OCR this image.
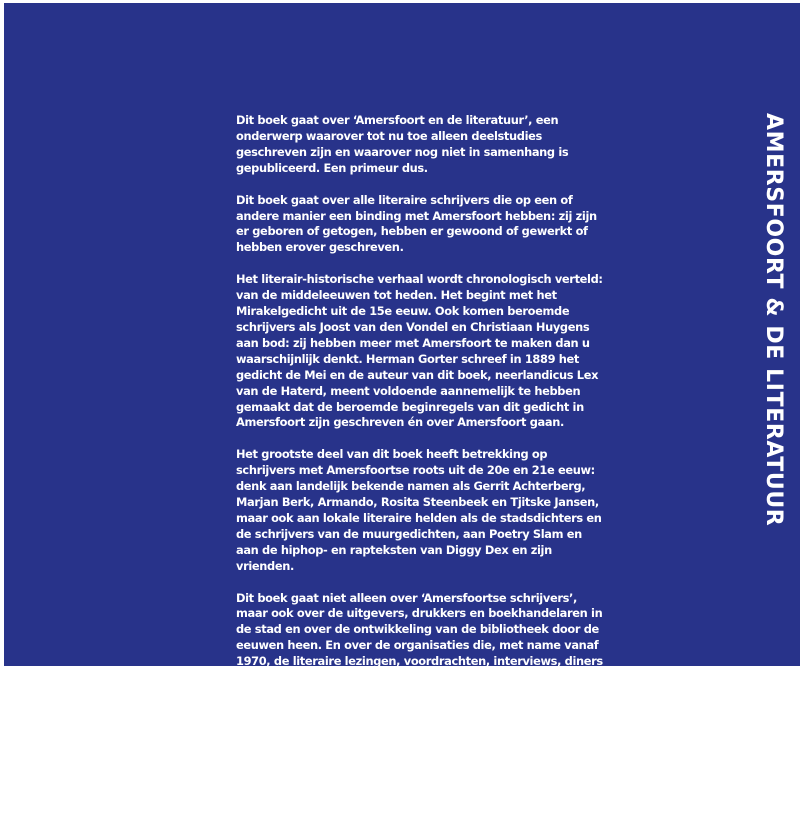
Dit boek gaat over ‘Amersfoort en de literatuur’, een onderwerp waarover tot nu toe alleen deelstudies geschreven zijn en waarover nog niet in samenhang is gepubliceerd. Een primeur dus.

Dit boek gaat over alle literaire schrijvers die op een of andere manier een binding met Amersfoort hebben: zij zijn er geboren of getogen, hebben er gewoond of gewerkt of hebben erover geschreven.

Het literair-historische verhaal wordt chronologisch verteld: van de middeleeuwen tot heden. Het begint met het Mirakelgedicht uit de 15e eeuw. Ook komen beroemde schrijvers als Joost van den Vondel en Christiaan Huygens aan bod: zij hebben meer met Amersfoort te maken dan u waarschijnlijk denkt. Herman Gorter schreef in 1889 het gedicht de Mei en de auteur van dit boek, neerlandicus Lex van de Haterd, meent voldoende aannemelijk te hebben gemaakt dat de beroemde beginregels van dit gedicht in Amersfoort zijn geschreven én over Amersfoort gaan.

Het grootste deel van dit boek heeft betrekking op schrijvers met Amersfoortse roots uit de 20e en 21e eeuw: denk aan landelijk bekende namen als Gerrit Achterberg, Marjan Berk, Armando, Rosita Steenbeek en Tjitske Jansen, maar ook aan lokale literaire helden als de stadsdichters en de schrijvers van de muurgedichten, aan Poetry Slam en aan de hiphop- en rapteksten van Diggy Dex en zijn vrienden.

Dit boek gaat niet alleen over ‘Amersfoortse schrijvers’, maar ook over de uitgevers, drukkers en boekhandelaren in de stad en over de ontwikkeling van de bibliotheek door de eeuwen heen. En over de organisaties die, met name vanaf 1970, de literaire lezingen, voordrachten, interviews, diners en de Nacht van de literatuur organiseerden.

Bijna 300 (kleur)illustraties van heden en verleden tonen de diversiteit en de kwaliteit van de auteurs en van de literaire activiteiten met een Amersfoortse hartslag. Kortom: Amersfoort en de literatuur is een must read voor iedereen die van literatuur houdt, ook als hij niet uit Amersfoort komt.

AMERSFOORT & DE LITERATUUR
